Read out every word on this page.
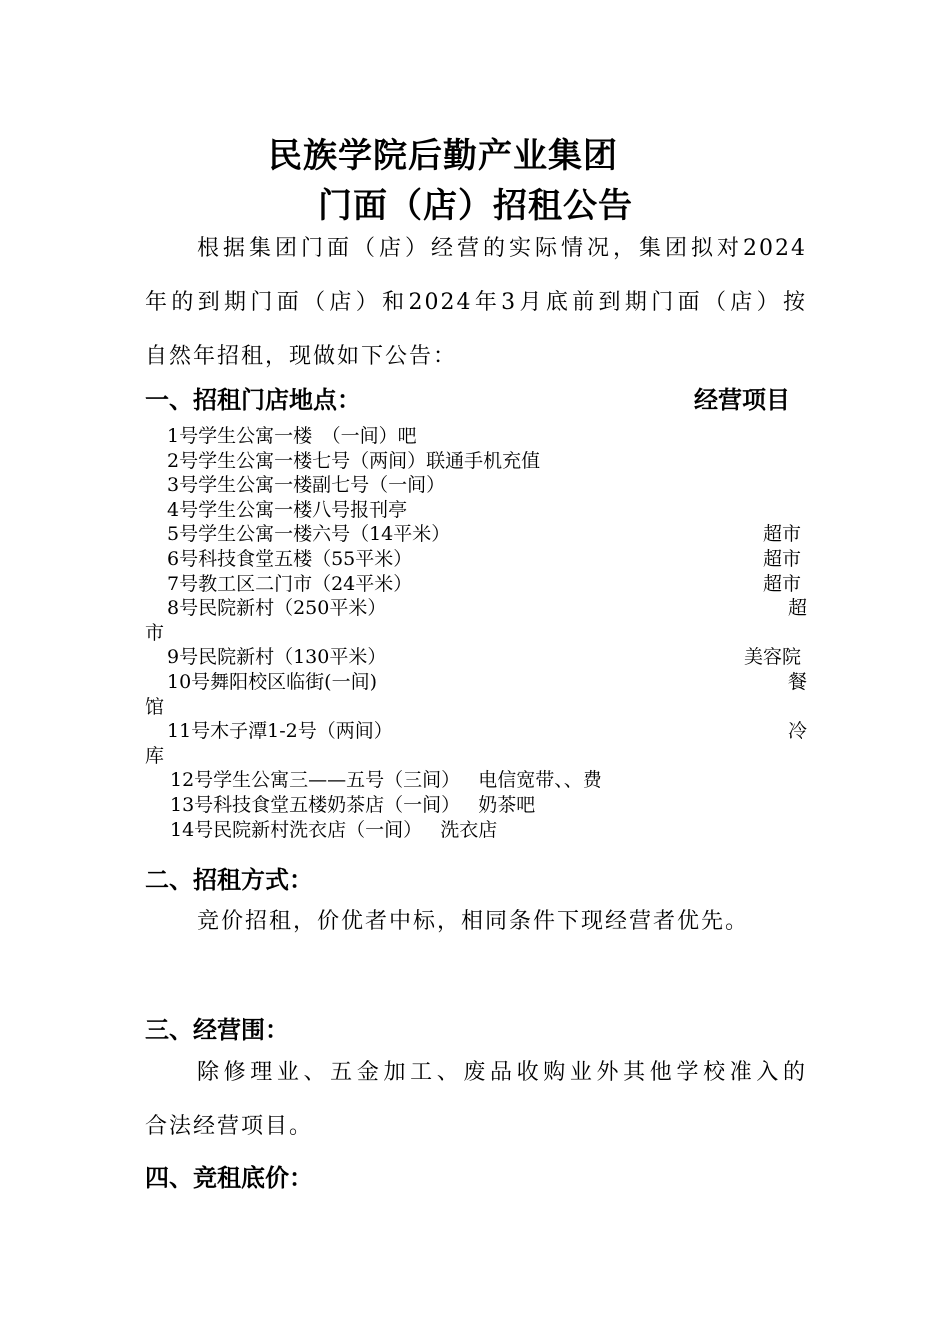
民族学院后勤产业集团
门面（店）招租公告
根据集团门面（店）经营的实际情况，集团拟对2024
年的到期门面（店）和2024年3月底前到期门面（店）按
自然年招租，现做如下公告：
一、招租门店地点：	经营项目
1号学生公寓一楼　（一间）吧
2号学生公寓一楼七号（两间）联通手机充值
3号学生公寓一楼副七号（一间）
4号学生公寓一楼八号报刊亭
5号学生公寓一楼六号（14平米）	超市
6号科技食堂五楼（55平米）	超市
7号教工区二门市（24平米）	超市
8号民院新村（250平米）	超
市
9号民院新村（130平米）	美容院
10号舞阳校区临街(一间)	餐
馆
11号木子潭1-2号（两间）	冷
库
12号学生公寓三——五号（三间） 电信宽带、、费
13号科技食堂五楼奶茶店（一间） 奶茶吧
14号民院新村洗衣店（一间） 洗衣店
二、招租方式：
竞价招租，价优者中标，相同条件下现经营者优先。
三、经营围：
除修理业、五金加工、废品收购业外其他学校准入的
合法经营项目。
四、竞租底价：
